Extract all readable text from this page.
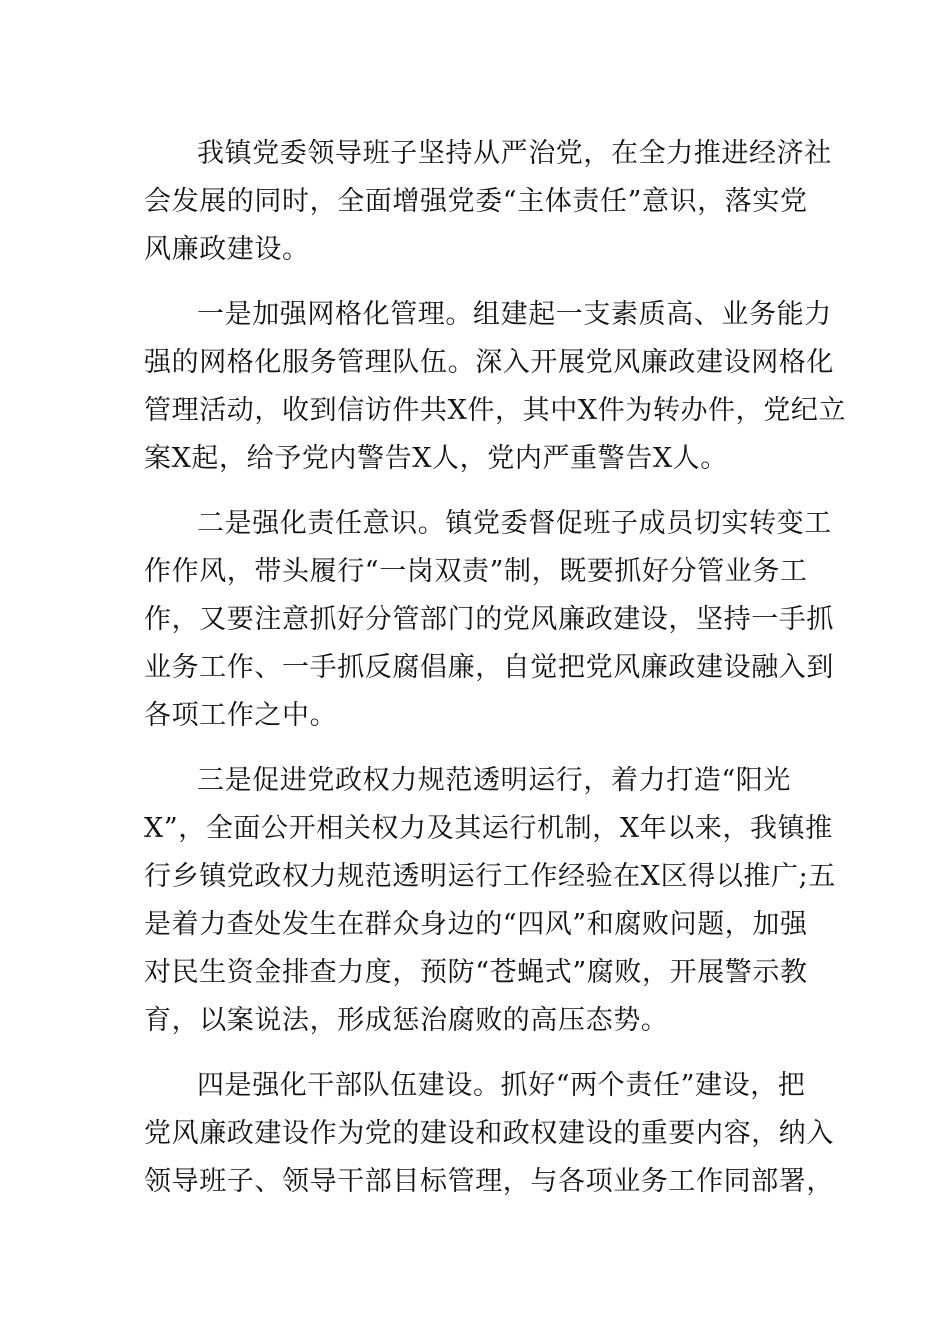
我镇党委领导班子坚持从严治党，在全力推进经济社
会发展的同时，全面增强党委“主体责任”意识，落实党
风廉政建设。
一是加强网格化管理。组建起一支素质高、业务能力
强的网格化服务管理队伍。深入开展党风廉政建设网格化
管理活动，收到信访件共X件，其中X件为转办件，党纪立
案X起，给予党内警告X人，党内严重警告X人。
二是强化责任意识。镇党委督促班子成员切实转变工
作作风，带头履行“一岗双责”制，既要抓好分管业务工
作，又要注意抓好分管部门的党风廉政建设，坚持一手抓
业务工作、一手抓反腐倡廉，自觉把党风廉政建设融入到
各项工作之中。
三是促进党政权力规范透明运行，着力打造“阳光
X”，全面公开相关权力及其运行机制，X年以来，我镇推
行乡镇党政权力规范透明运行工作经验在X区得以推广;五
是着力查处发生在群众身边的“四风”和腐败问题，加强
对民生资金排查力度，预防“苍蝇式”腐败，开展警示教
育，以案说法，形成惩治腐败的高压态势。
四是强化干部队伍建设。抓好“两个责任”建设，把
党风廉政建设作为党的建设和政权建设的重要内容，纳入
领导班子、领导干部目标管理，与各项业务工作同部署，
